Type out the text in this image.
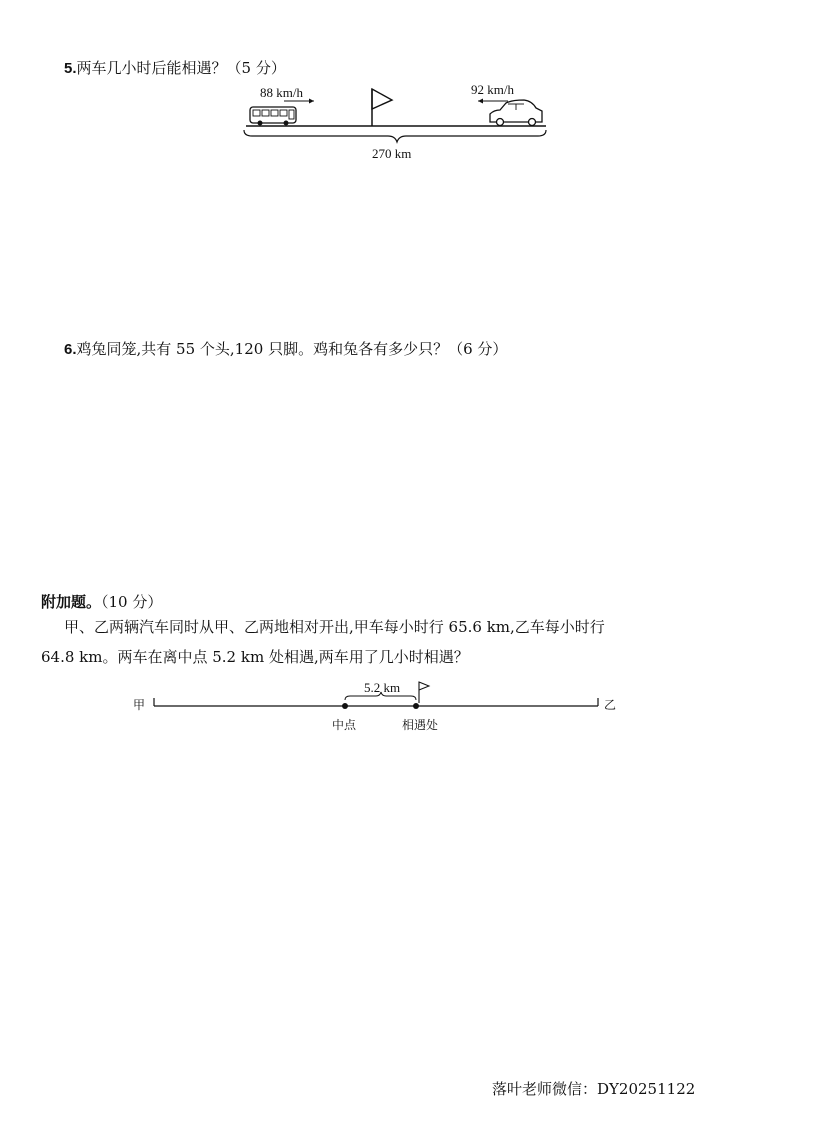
5.两车几小时后能相遇？（5 分）
88 km/h	92 km/h
270 km
6.鸡兔同笼,共有 55 个头,120 只脚。鸡和兔各有多少只？（6 分）
附加题。（10 分）
甲、乙两辆汽车同时从甲、乙两地相对开出,甲车每小时行 65.6 km,乙车每小时行
64.8 km。两车在离中点 5.2 km 处相遇,两车用了几小时相遇？
甲	乙
5.2 km
中点	相遇处
落叶老师微信：DY20251122
